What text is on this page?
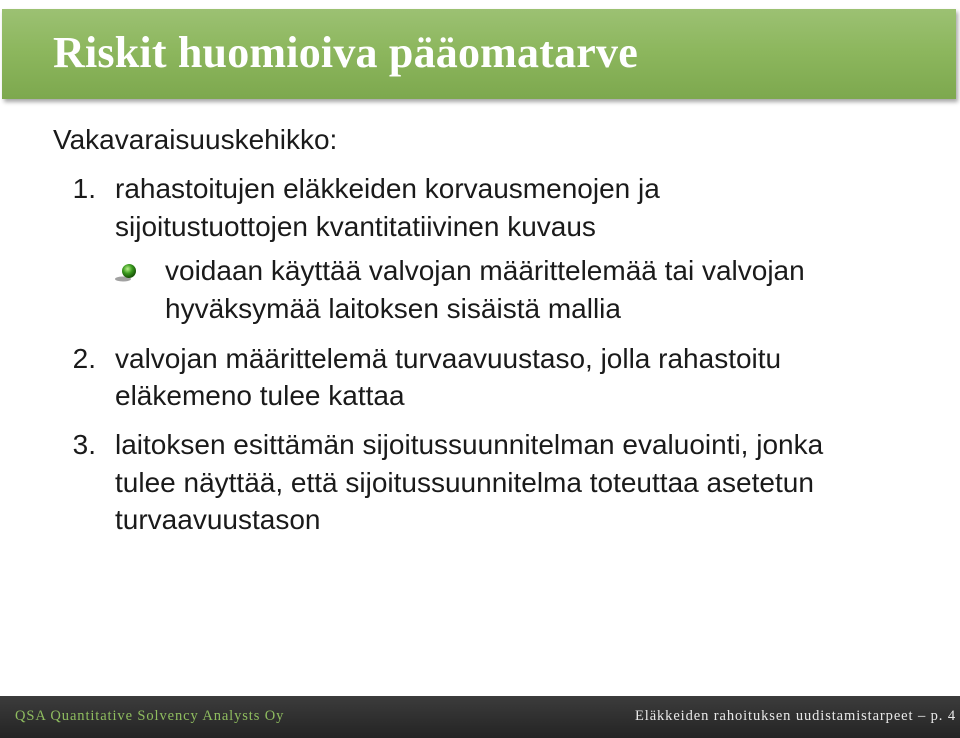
Riskit huomioiva pääomatarve
Vakavaraisuuskehikko:
1. rahastoitujen eläkkeiden korvausmenojen ja
sijoitustuottojen kvantitatiivinen kuvaus
voidaan käyttää valvojan määrittelemää tai valvojan
hyväksymää laitoksen sisäistä mallia
2. valvojan määrittelemä turvaavuustaso, jolla rahastoitu
eläkemeno tulee kattaa
3. laitoksen esittämän sijoitussuunnitelman evaluointi, jonka
tulee näyttää, että sijoitussuunnitelma toteuttaa asetetun
turvaavuustason
QSA Quantitative Solvency Analysts Oy	Eläkkeiden rahoituksen uudistamistarpeet – p. 4
